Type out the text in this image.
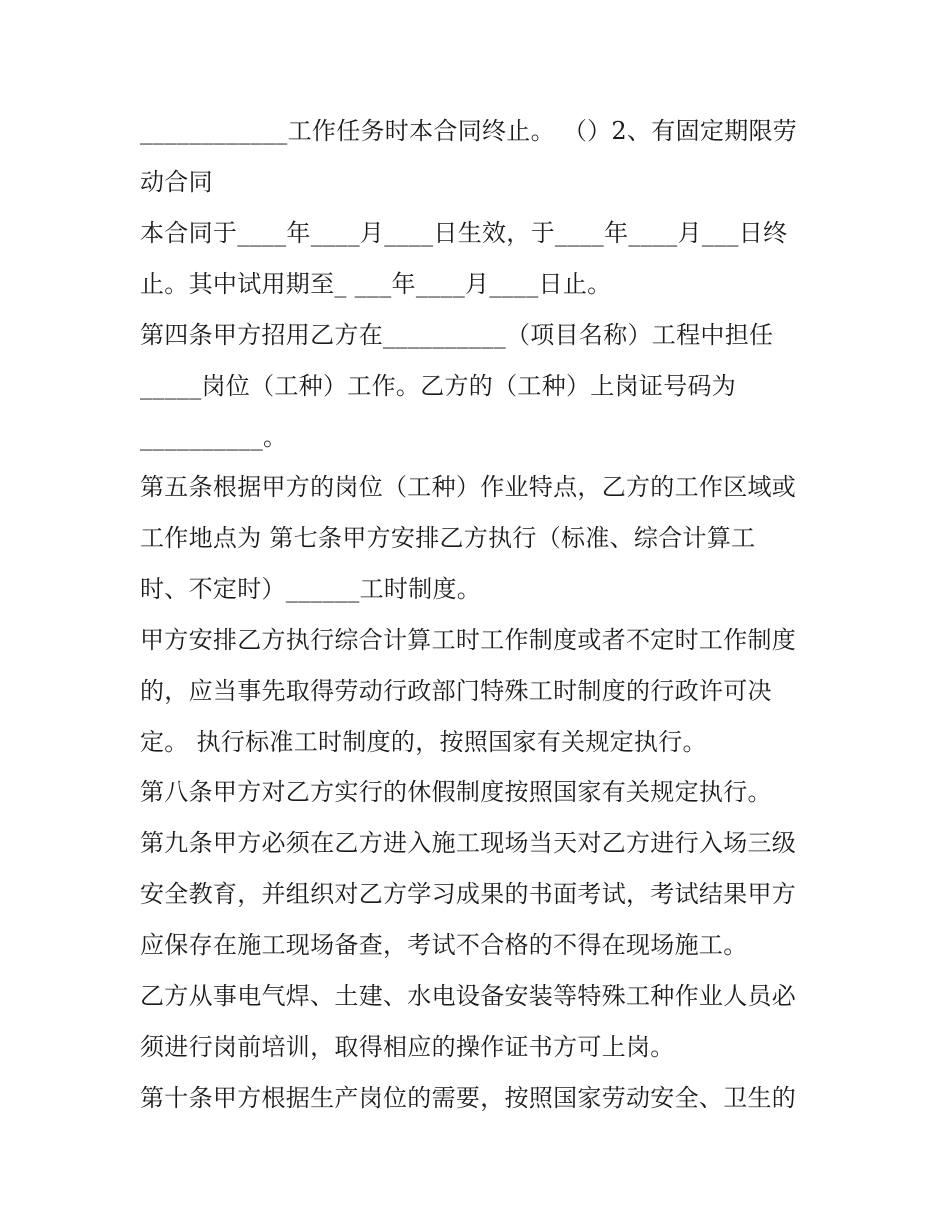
____________工作任务时本合同终止。 （）2、有固定期限劳
动合同
本合同于____年____月____日生效，于____年____月___日终
止。其中试用期至_ ___年____月____日止。
第四条甲方招用乙方在__________（项目名称）工程中担任
_____岗位（工种）工作。乙方的（工种）上岗证号码为
__________。
第五条根据甲方的岗位（工种）作业特点，乙方的工作区域或
工作地点为 第七条甲方安排乙方执行（标准、综合计算工
时、不定时）______工时制度。
甲方安排乙方执行综合计算工时工作制度或者不定时工作制度
的，应当事先取得劳动行政部门特殊工时制度的行政许可决
定。 执行标准工时制度的，按照国家有关规定执行。
第八条甲方对乙方实行的休假制度按照国家有关规定执行。
第九条甲方必须在乙方进入施工现场当天对乙方进行入场三级
安全教育，并组织对乙方学习成果的书面考试，考试结果甲方
应保存在施工现场备查，考试不合格的不得在现场施工。
乙方从事电气焊、土建、水电设备安装等特殊工种作业人员必
须进行岗前培训，取得相应的操作证书方可上岗。
第十条甲方根据生产岗位的需要，按照国家劳动安全、卫生的
